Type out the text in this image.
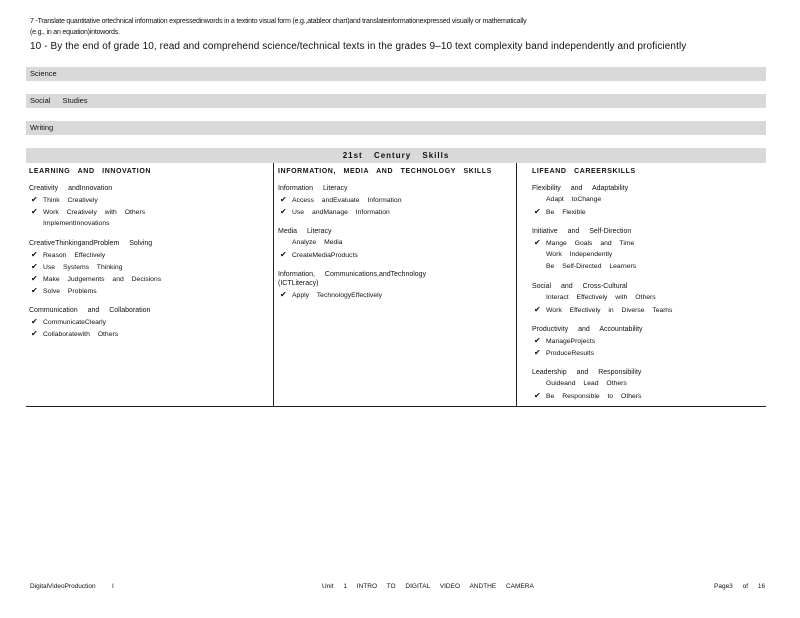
7 -Translate quantitative ortechnical information expressedinwords in a textinto visual form (e.g.,atableor chart)and translateinformationexpressed visually or mathematically
(e.g., in an equation)intowords.
10 - By the end of grade 10, read and comprehend science/technical texts in the grades 9–10 text complexity band independently and proficiently
Science
Social Studies
Writing
21st Century Skills
LEARNING AND INNOVATION
Creativity andInnovation
✔ Think Creatively
✔ Work Creatively with Others
ImplementInnovations
CreativeThinkingandProblem Solving
✔ Reason Effectively
✔ Use Systems Thinking
✔ Make Judgements and Decisions
✔ Solve Problems
Communication and Collaboration
✔ CommunicateClearly
✔ Collaboratewith Others
INFORMATION, MEDIA AND TECHNOLOGY SKILLS
Information Literacy
✔ Access andEvaluate Information
✔ Use andManage Information
Media Literacy
Analyze Media
✔ CreateMediaProducts
Information, Communications,andTechnology
(ICTLiteracy)
✔ Apply TechnologyEffectively
LIFEAND CAREERSKILLS
Flexibility and Adaptability
Adapt toChange
✔ Be Flexible
Initiative and Self-Direction
✔ Mange Goals and Time
Work Independently
Be Self-Directed Learners
Social and Cross-Cultural
Interact Effectively with Others
✔ Work Effectively in Diverse Teams
Productivity and Accountability
✔ ManageProjects
✔ ProduceResults
Leadership and Responsibility
Guideand Lead Others
✔ Be Responsible to Others
DigitalVideoProduction	I	Unit 1 INTRO TO DIGITAL VIDEO ANDTHE CAMERA	Page3 of 16
